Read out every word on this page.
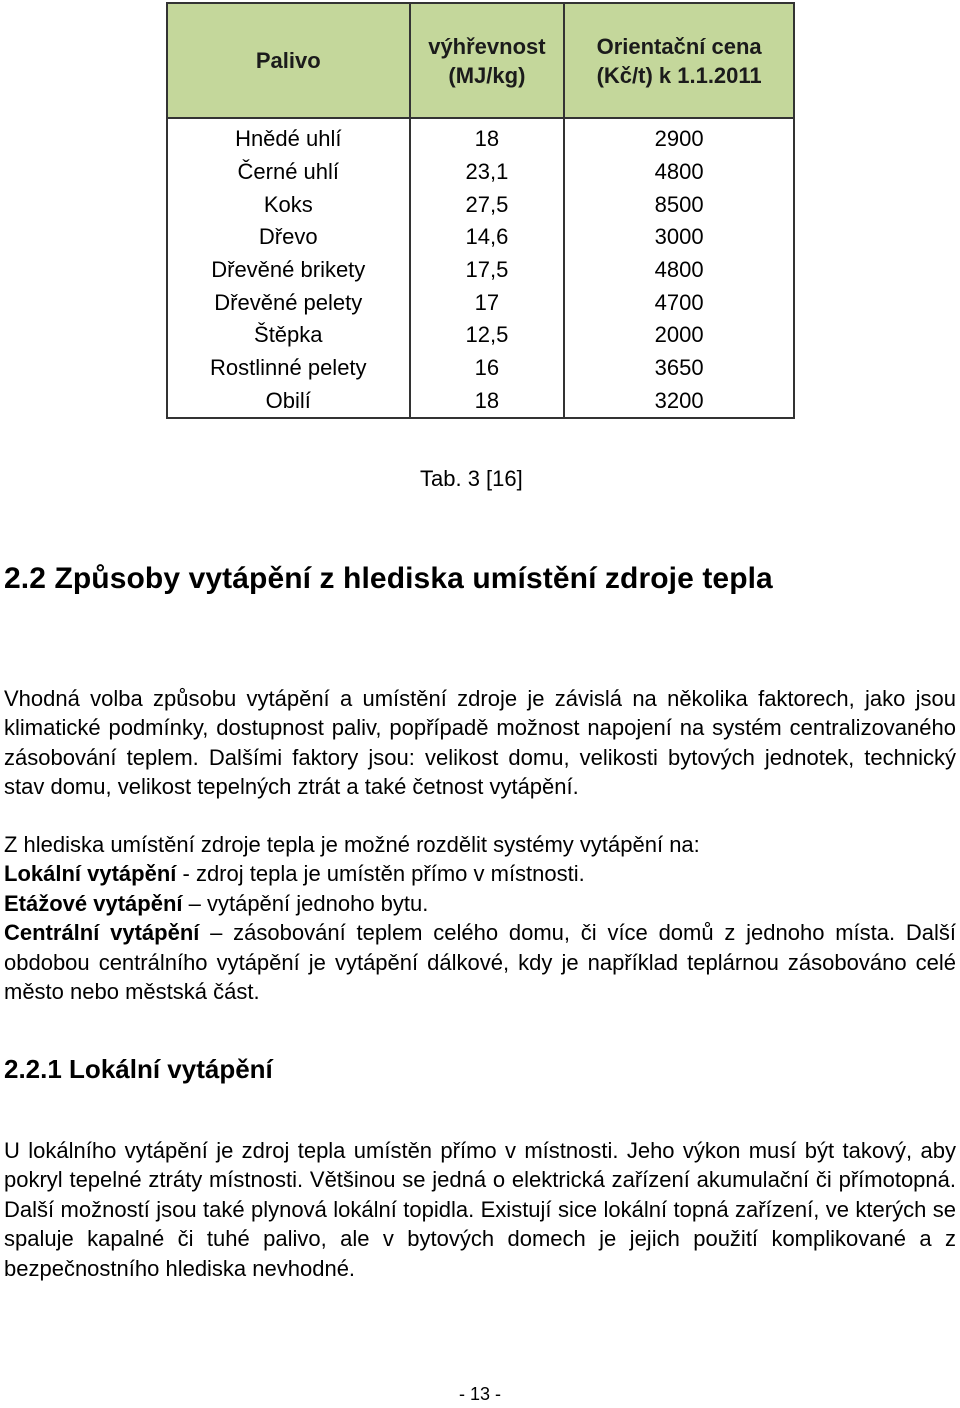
Palivo	výhřevnost (MJ/kg)	Orientační cena (Kč/t) k 1.1.2011

Hnědé uhlí	18	2900
Černé uhlí	23,1	4800
Koks	27,5	8500
Dřevo	14,6	3000
Dřevěné brikety	17,5	4800
Dřevěné pelety	17	4700
Štěpka	12,5	2000
Rostlinné pelety	16	3650
Obilí	18	3200
Tab. 3 [16]
2.2 Způsoby vytápění z hlediska umístění zdroje tepla

Vhodná volba způsobu vytápění a umístění zdroje je závislá na několika faktorech, jako jsou klimatické podmínky, dostupnost paliv, popřípadě možnost napojení na systém centralizovaného zásobování teplem. Dalšími faktory jsou: velikost domu, velikosti bytových jednotek, technický stav domu, velikost tepelných ztrát a také četnost vytápění.

Z hlediska umístění zdroje tepla je možné rozdělit systémy vytápění na:
Lokální vytápění - zdroj tepla je umístěn přímo v místnosti.
Etážové vytápění – vytápění jednoho bytu.
Centrální vytápění – zásobování teplem celého domu, či více domů z jednoho místa. Další obdobou centrálního vytápění je vytápění dálkové, kdy je například teplárnou zásobováno celé město nebo městská část.
2.2.1 Lokální vytápění

U lokálního vytápění je zdroj tepla umístěn přímo v místnosti. Jeho výkon musí být takový, aby pokryl tepelné ztráty místnosti. Většinou se jedná o elektrická zařízení akumulační či přímotopná. Další možností jsou také plynová lokální topidla. Existují sice lokální topná zařízení, ve kterých se spaluje kapalné či tuhé palivo, ale v bytových domech je jejich použití komplikované a z bezpečnostního hlediska nevhodné.

- 13 -
